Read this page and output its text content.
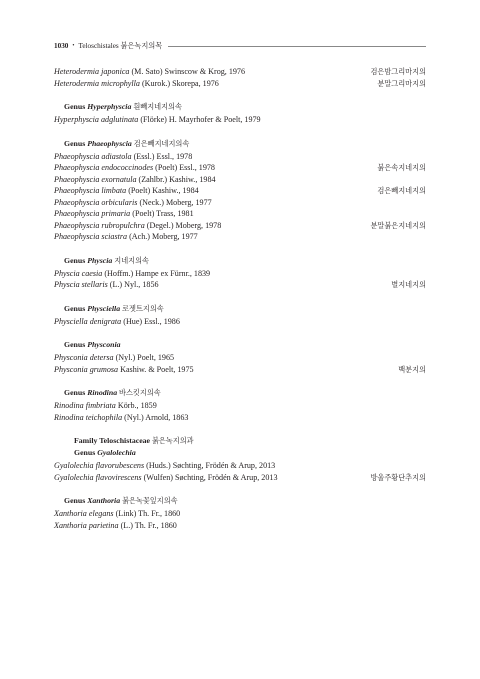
1030 • Teloschistales 붉은녹지의목
Heterodermia japonica (M. Sato) Swinscow & Krog, 1976	검은밤그리마지의
Heterodermia microphylla (Kurok.) Skorepa, 1976	분말그리마지의
Genus Hyperphyscia 흰빼지네지의속
Hyperphyscia adglutinata (Flörke) H. Mayrhofer & Poelt, 1979
Genus Phaeophyscia 검은빼지네지의속
Phaeophyscia adiastola (Essl.) Essl., 1978
Phaeophyscia endococcinodes (Poelt) Essl., 1978	붉은속지네지의
Phaeophyscia exornatula (Zahlbr.) Kashiw., 1984
Phaeophyscia limbata (Poelt) Kashiw., 1984	검은빼지네지의
Phaeophyscia orbicularis (Neck.) Moberg, 1977
Phaeophyscia primaria (Poelt) Trass, 1981
Phaeophyscia rubropulchra (Degel.) Moberg, 1978	분말붉은지네지의
Phaeophyscia sciastra (Ach.) Moberg, 1977
Genus Physcia 지네지의속
Physcia caesia (Hoffm.) Hampe ex Fürnr., 1839
Physcia stellaris (L.) Nyl., 1856	별지네지의
Genus Physciella 로젯트지의속
Physciella denigrata (Hue) Essl., 1986
Genus Physconia
Physconia detersa (Nyl.) Poelt, 1965
Physconia grumosa Kashiw. & Poelt, 1975	백분지의
Genus Rinodina 바스킷지의속
Rinodina fimbriata Körb., 1859
Rinodina teichophila (Nyl.) Arnold, 1863
Family Teloschistaceae 붉은녹지의과
Genus Gyalolechia
Gyalolechia flavorubescens (Huds.) Søchting, Frödén & Arup, 2013
Gyalolechia flavovirescens (Wulfen) Søchting, Frödén & Arup, 2013	방울주황단추지의
Genus Xanthoria 붉은녹꽃잎지의속
Xanthoria elegans (Link) Th. Fr., 1860
Xanthoria parietina (L.) Th. Fr., 1860
